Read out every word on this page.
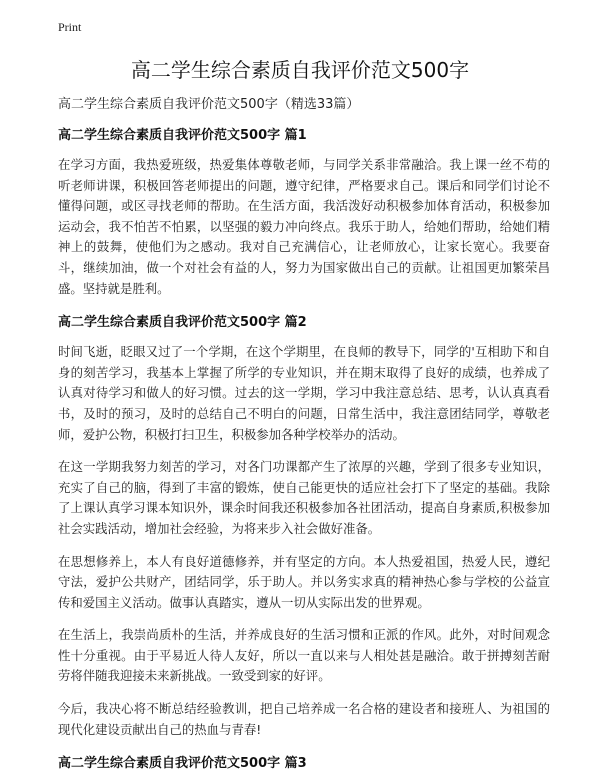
Print
高二学生综合素质自我评价范文500字
高二学生综合素质自我评价范文500字（精选33篇）
高二学生综合素质自我评价范文500字 篇1

在学习方面，我热爱班级，热爱集体尊敬老师，与同学关系非常融洽。我上课一丝不苟的听老师讲课，积极回答老师提出的问题，遵守纪律，严格要求自己。课后和同学们讨论不懂得问题，或区寻找老师的帮助。在生活方面，我活泼好动积极参加体育活动，积极参加运动会，我不怕苦不怕累，以坚强的毅力冲向终点。我乐于助人，给她们帮助，给她们精神上的鼓舞，使他们为之感动。我对自己充满信心，让老师放心，让家长宽心。我要奋斗，继续加油，做一个对社会有益的人，努力为国家做出自己的贡献。让祖国更加繁荣昌盛。坚持就是胜利。

高二学生综合素质自我评价范文500字 篇2

时间飞逝，眨眼又过了一个学期，在这个学期里，在良师的教导下，同学的'互相助下和自身的刻苦学习，我基本上掌握了所学的专业知识，并在期末取得了良好的成绩，也养成了认真对待学习和做人的好习惯。过去的这一学期，学习中我注意总结、思考，认认真真看书，及时的预习，及时的总结自己不明白的问题，日常生活中，我注意团结同学，尊敬老师，爱护公物，积极打扫卫生，积极参加各种学校举办的活动。

在这一学期我努力刻苦的学习，对各门功课都产生了浓厚的兴趣，学到了很多专业知识，充实了自己的脑，得到了丰富的锻炼，使自己能更快的适应社会打下了坚定的基础。我除了上课认真学习课本知识外，课余时间我还积极参加各社团活动，提高自身素质,积极参加社会实践活动，增加社会经验，为将来步入社会做好准备。

在思想修养上，本人有良好道德修养，并有坚定的方向。本人热爱祖国，热爱人民，遵纪守法，爱护公共财产，团结同学，乐于助人。并以务实求真的精神热心参与学校的公益宣传和爱国主义活动。做事认真踏实，遵从一切从实际出发的世界观。

在生活上，我崇尚质朴的生活，并养成良好的生活习惯和正派的作风。此外，对时间观念性十分重视。由于平易近人待人友好，所以一直以来与人相处甚是融洽。敢于拼搏刻苦耐劳将伴随我迎接未来新挑战。一致受到家的好评。

今后，我决心将不断总结经验教训，把自己培养成一名合格的建设者和接班人、为祖国的现代化建设贡献出自己的热血与青春!

高二学生综合素质自我评价范文500字 篇3
